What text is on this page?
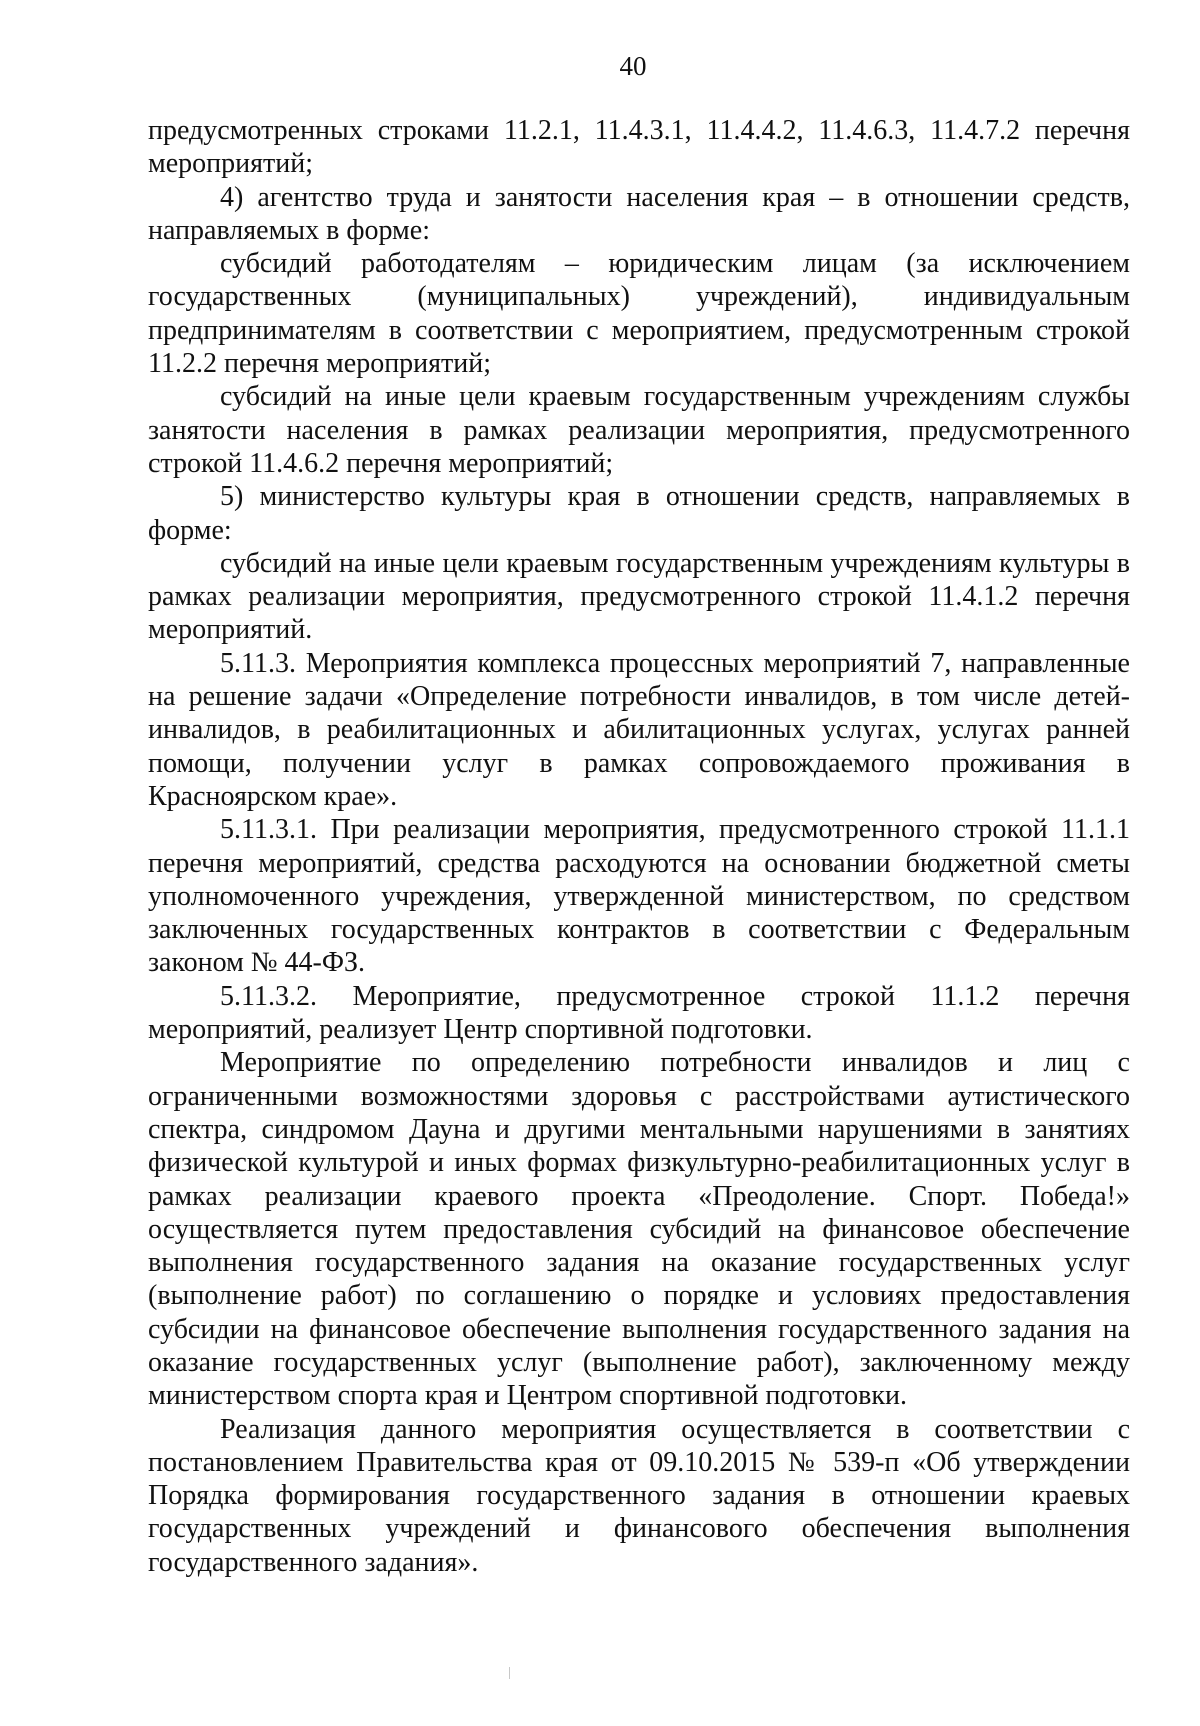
40

предусмотренных строками 11.2.1, 11.4.3.1, 11.4.4.2, 11.4.6.3, 11.4.7.2 перечня мероприятий;

4) агентство труда и занятости населения края – в отношении средств, направляемых в форме:

субсидий работодателям – юридическим лицам (за исключением государственных (муниципальных) учреждений), индивидуальным предпринимателям в соответствии с мероприятием, предусмотренным строкой 11.2.2 перечня мероприятий;

субсидий на иные цели краевым государственным учреждениям службы занятости населения в рамках реализации мероприятия, предусмотренного строкой 11.4.6.2 перечня мероприятий;

5) министерство культуры края в отношении средств, направляемых в форме:

субсидий на иные цели краевым государственным учреждениям культуры в рамках реализации мероприятия, предусмотренного строкой 11.4.1.2 перечня мероприятий.

5.11.3. Мероприятия комплекса процессных мероприятий 7, направленные на решение задачи «Определение потребности инвалидов, в том числе детей-инвалидов, в реабилитационных и абилитационных услугах, услугах ранней помощи, получении услуг в рамках сопровождаемого проживания в Красноярском крае».

5.11.3.1. При реализации мероприятия, предусмотренного строкой 11.1.1 перечня мероприятий, средства расходуются на основании бюджетной сметы уполномоченного учреждения, утвержденной министерством, по средством заключенных государственных контрактов в соответствии с Федеральным законом № 44-ФЗ.

5.11.3.2. Мероприятие, предусмотренное строкой 11.1.2 перечня мероприятий, реализует Центр спортивной подготовки.

Мероприятие по определению потребности инвалидов и лиц с ограниченными возможностями здоровья с расстройствами аутистического спектра, синдромом Дауна и другими ментальными нарушениями в занятиях физической культурой и иных формах физкультурно-реабилитационных услуг в рамках реализации краевого проекта «Преодоление. Спорт. Победа!» осуществляется путем предоставления субсидий на финансовое обеспечение выполнения государственного задания на оказание государственных услуг (выполнение работ) по соглашению о порядке и условиях предоставления субсидии на финансовое обеспечение выполнения государственного задания на оказание государственных услуг (выполнение работ), заключенному между министерством спорта края и Центром спортивной подготовки.

Реализация данного мероприятия осуществляется в соответствии с постановлением Правительства края от 09.10.2015 № 539-п «Об утверждении Порядка формирования государственного задания в отношении краевых государственных учреждений и финансового обеспечения выполнения государственного задания».
